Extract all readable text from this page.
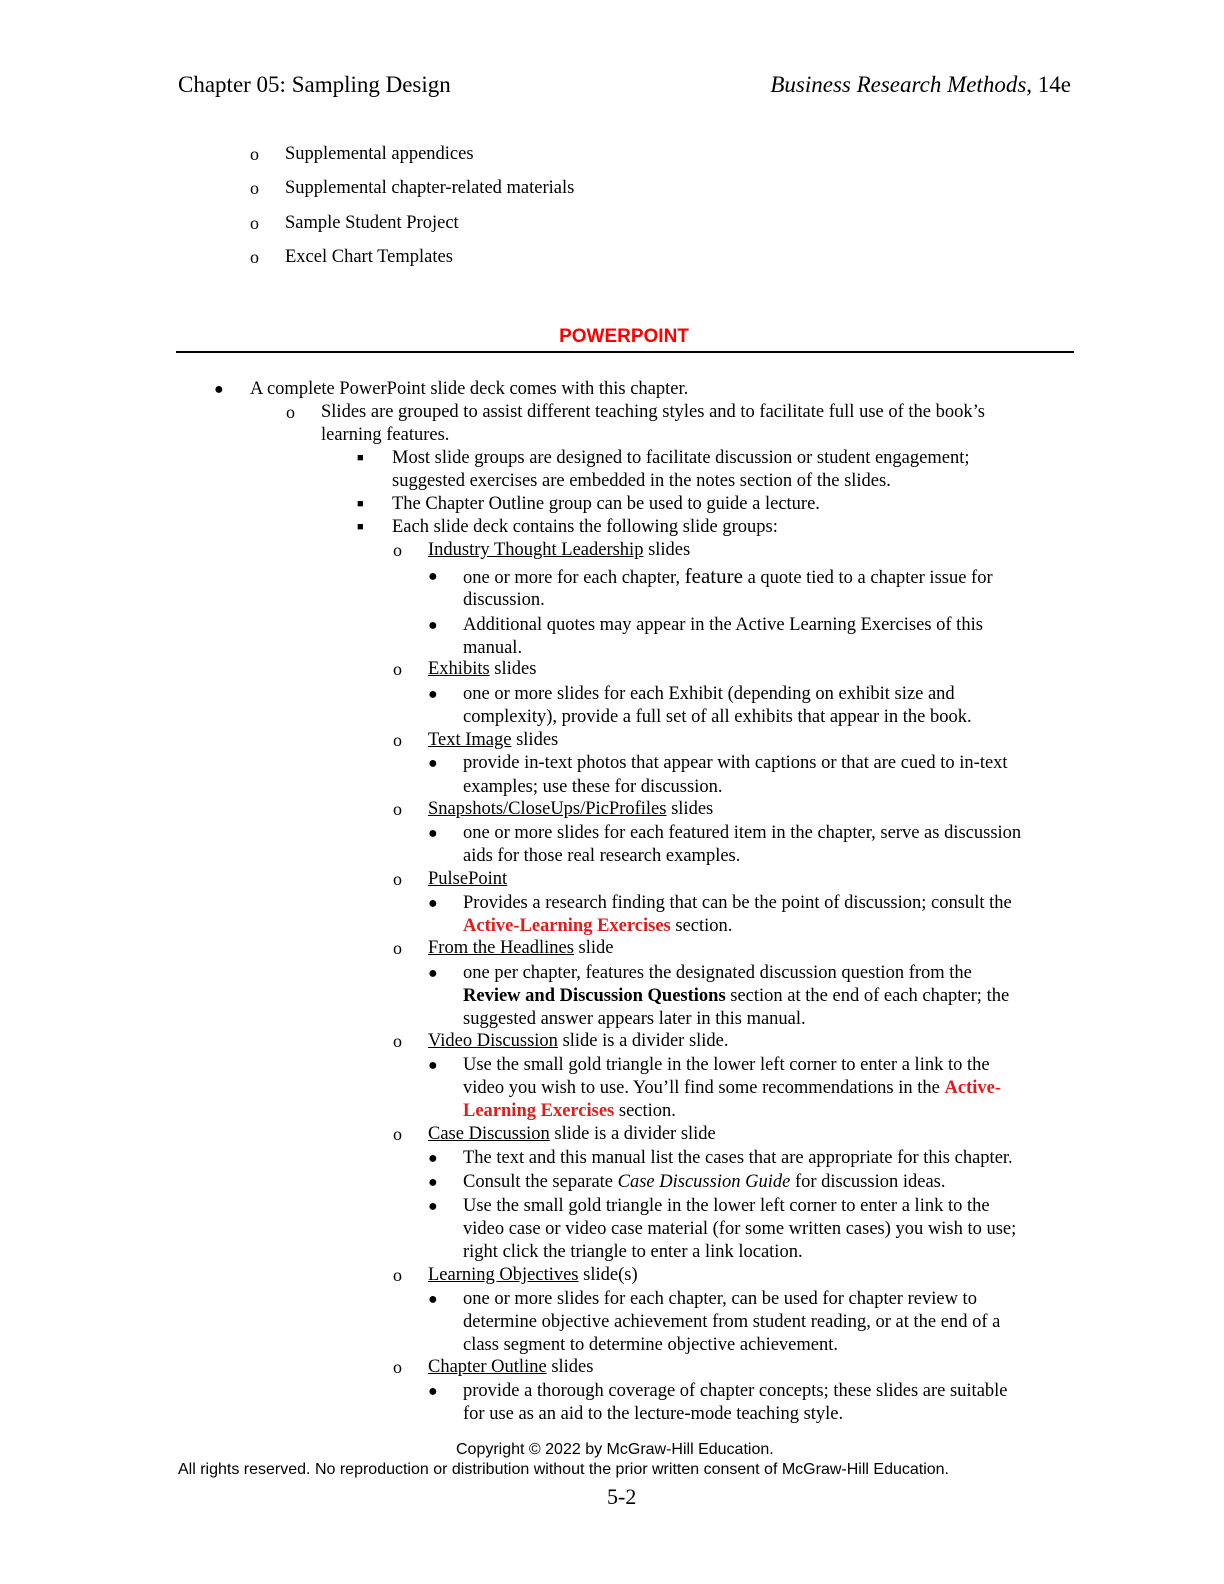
Chapter 05: Sampling Design	Business Research Methods, 14e
o Supplemental appendices
o Supplemental chapter-related materials
o Sample Student Project
o Excel Chart Templates
POWERPOINT
● A complete PowerPoint slide deck comes with this chapter.
o Slides are grouped to assist different teaching styles and to facilitate full use of the book’s
learning features.
■ Most slide groups are designed to facilitate discussion or student engagement;
suggested exercises are embedded in the notes section of the slides.
■ The Chapter Outline group can be used to guide a lecture.
■ Each slide deck contains the following slide groups:
o Industry Thought Leadership slides
● one or more for each chapter, feature a quote tied to a chapter issue for
discussion.
● Additional quotes may appear in the Active Learning Exercises of this
manual.
o Exhibits slides
● one or more slides for each Exhibit (depending on exhibit size and
complexity), provide a full set of all exhibits that appear in the book.
o Text Image slides
● provide in-text photos that appear with captions or that are cued to in-text
examples; use these for discussion.
o Snapshots/CloseUps/PicProfiles slides
● one or more slides for each featured item in the chapter, serve as discussion
aids for those real research examples.
o PulsePoint
● Provides a research finding that can be the point of discussion; consult the
Active-Learning Exercises section.
o From the Headlines slide
● one per chapter, features the designated discussion question from the
Review and Discussion Questions section at the end of each chapter; the
suggested answer appears later in this manual.
o Video Discussion slide is a divider slide.
● Use the small gold triangle in the lower left corner to enter a link to the
video you wish to use. You’ll find some recommendations in the Active-
Learning Exercises section.
o Case Discussion slide is a divider slide
● The text and this manual list the cases that are appropriate for this chapter.
● Consult the separate Case Discussion Guide for discussion ideas.
● Use the small gold triangle in the lower left corner to enter a link to the
video case or video case material (for some written cases) you wish to use;
right click the triangle to enter a link location.
o Learning Objectives slide(s)
● one or more slides for each chapter, can be used for chapter review to
determine objective achievement from student reading, or at the end of a
class segment to determine objective achievement.
o Chapter Outline slides
● provide a thorough coverage of chapter concepts; these slides are suitable
for use as an aid to the lecture-mode teaching style.
Copyright © 2022 by McGraw-Hill Education.
All rights reserved. No reproduction or distribution without the prior written consent of McGraw-Hill Education.
5-2
